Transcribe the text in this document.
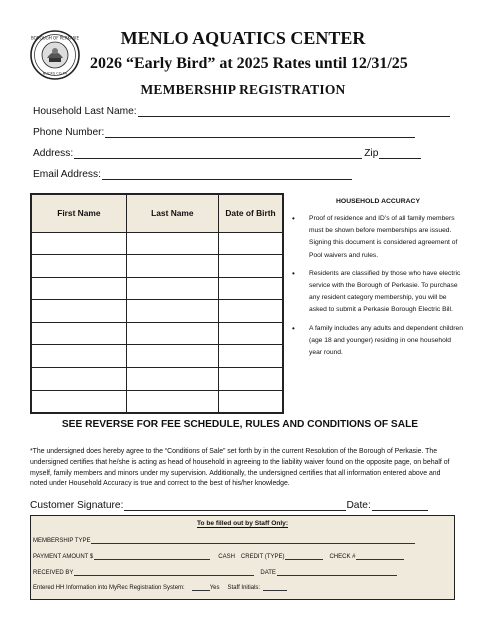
BOROUGH OF PERKASIE
BUCKS CO PA
MENLO AQUATICS CENTER
2026 “Early Bird” at 2025 Rates until 12/31/25
MEMBERSHIP REGISTRATION
Household Last Name:
Phone Number:
Address:	Zip
Email Address:
First Name	Last Name	Date of Birth

HOUSEHOLD ACCURACY
• Proof of residence and ID’s of all family members must be shown before memberships are issued. Signing this document is considered agreement of Pool waivers and rules.
• Residents are classified by those who have electric service with the Borough of Perkasie. To purchase any resident category membership, you will be asked to submit a Perkasie Borough Electric Bill.
• A family includes any adults and dependent children (age 18 and younger) residing in one household year round.
SEE REVERSE FOR FEE SCHEDULE, RULES AND CONDITIONS OF SALE
*The undersigned does hereby agree to the “Conditions of Sale” set forth by in the current Resolution of the Borough of Perkasie. The undersigned certifies that he/she is acting as head of household in agreeing to the liability waiver found on the opposite page, on behalf of myself, family members and minors under my supervision. Additionally, the undersigned certifies that all information entered above and noted under Household Accuracy is true and correct to the best of his/her knowledge.
Customer Signature:	Date:
To be filled out by Staff Only:
MEMBERSHIP TYPE
PAYMENT AMOUNT $	CASH CREDIT (TYPE)	CHECK #
RECEIVED BY	DATE
Entered HH Information into MyRec Registration System:	Yes Staff Initials:
